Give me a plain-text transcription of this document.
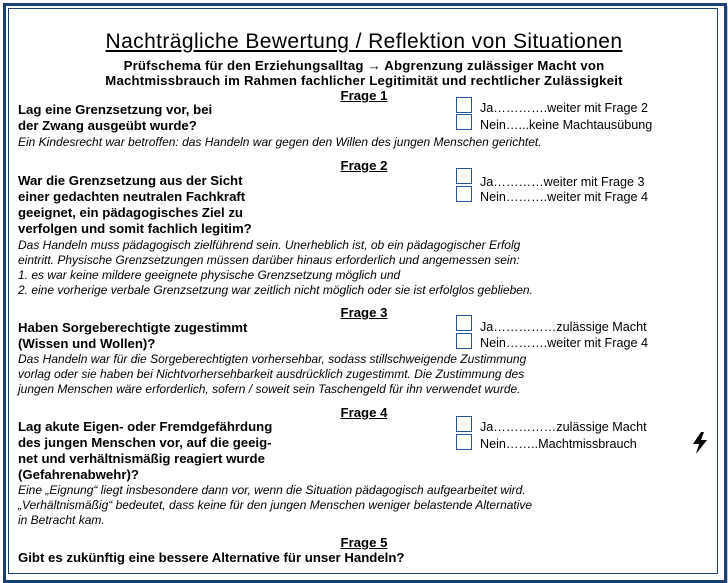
Nachträgliche Bewertung / Reflektion von Situationen
Prüfschema für den Erziehungsalltag → Abgrenzung zulässiger Macht von
Machtmissbrauch im Rahmen fachlicher Legitimität und rechtlicher Zulässigkeit
Frage 1
Lag eine Grenzsetzung vor, bei
der Zwang ausgeübt wurde?
Ja………….weiter mit Frage 2
Nein…...keine Machtausübung
Ein Kindesrecht war betroffen: das Handeln war gegen den Willen des jungen Menschen gerichtet.
Frage 2
War die Grenzsetzung aus der Sicht
einer gedachten neutralen Fachkraft
geeignet, ein pädagogisches Ziel zu
verfolgen und somit fachlich legitim?
Ja…………weiter mit Frage 3
Nein……….weiter mit Frage 4
Das Handeln muss pädagogisch zielführend sein. Unerheblich ist, ob ein pädagogischer Erfolg
eintritt. Physische Grenzsetzungen müssen darüber hinaus erforderlich und angemessen sein:
1. es war keine mildere geeignete physische Grenzsetzung möglich und
2. eine vorherige verbale Grenzsetzung war zeitlich nicht möglich oder sie ist erfolglos geblieben.
Frage 3
Haben Sorgeberechtigte zugestimmt
(Wissen und Wollen)?
Ja……………zulässige Macht
Nein……….weiter mit Frage 4
Das Handeln war für die Sorgeberechtigten vorhersehbar, sodass stillschweigende Zustimmung
vorlag oder sie haben bei Nichtvorhersehbarkeit ausdrücklich zugestimmt. Die Zustimmung des
jungen Menschen wäre erforderlich, sofern / soweit sein Taschengeld für ihn verwendet wurde.
Frage 4
Lag akute Eigen- oder Fremdgefährdung
des jungen Menschen vor, auf die geeig-
net und verhältnismäßig reagiert wurde
(Gefahrenabwehr)?
Ja……………zulässige Macht
Nein……..Machtmissbrauch
Eine „Eignung“ liegt insbesondere dann vor, wenn die Situation pädagogisch aufgearbeitet wird.
„Verhältnismäßig“ bedeutet, dass keine für den jungen Menschen weniger belastende Alternative
in Betracht kam.
Frage 5
Gibt es zukünftig eine bessere Alternative für unser Handeln?
